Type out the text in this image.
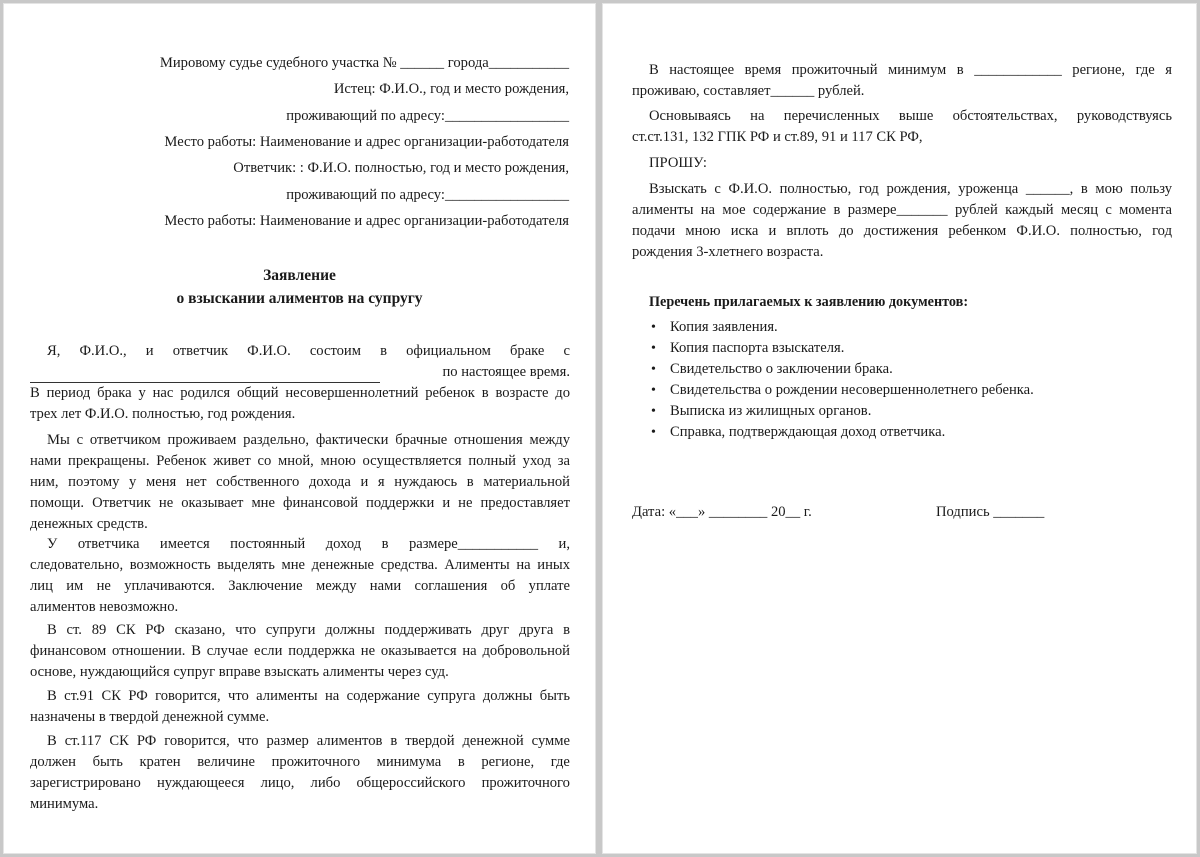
Мировому судье судебного участка № ______ города___________
Истец: Ф.И.О., год и место рождения,
проживающий по адресу:_________________
Место работы: Наименование и адрес организации-работодателя
Ответчик: : Ф.И.О. полностью, год и место рождения,
проживающий по адресу:_________________
Место работы: Наименование и адрес организации-работодателя
Заявление
о взыскании алиментов на супругу
Я, Ф.И.О., и ответчик Ф.И.О. состоим в официальном браке с
по настоящее время.
В период брака у нас родился общий несовершеннолетний ребенок в возрасте до
трех лет Ф.И.О. полностью, год рождения.
Мы с ответчиком проживаем раздельно, фактически брачные отношения между
нами прекращены. Ребенок живет со мной, мною осуществляется полный уход за
ним, поэтому у меня нет собственного дохода и я нуждаюсь в материальной
помощи. Ответчик не оказывает мне финансовой поддержки и не предоставляет
денежных средств.
У ответчика имеется постоянный доход в размере___________ и,
следовательно, возможность выделять мне денежные средства. Алименты на иных
лиц им не уплачиваются. Заключение между нами соглашения об уплате
алиментов невозможно.
В ст. 89 СК РФ сказано, что супруги должны поддерживать друг друга в
финансовом отношении. В случае если поддержка не оказывается на добровольной
основе, нуждающийся супруг вправе взыскать алименты через суд.
В ст.91 СК РФ говорится, что алименты на содержание супруга должны быть
назначены в твердой денежной сумме.
В ст.117 СК РФ говорится, что размер алиментов в твердой денежной сумме
должен быть кратен величине прожиточного минимума в регионе, где
зарегистрировано нуждающееся лицо, либо общероссийского прожиточного
минимума.
В настоящее время прожиточный минимум в ____________ регионе, где я
проживаю, составляет______ рублей.
Основываясь на перечисленных выше обстоятельствах, руководствуясь
ст.ст.131, 132 ГПК РФ и ст.89, 91 и 117 СК РФ,
ПРОШУ:
Взыскать с Ф.И.О. полностью, год рождения, уроженца ______, в мою пользу
алименты на мое содержание в размере_______ рублей каждый месяц с момента
подачи мною иска и вплоть до достижения ребенком Ф.И.О. полностью, год
рождения 3-хлетнего возраста.
Перечень прилагаемых к заявлению документов:
• Копия заявления.
• Копия паспорта взыскателя.
• Свидетельство о заключении брака.
• Свидетельства о рождении несовершеннолетнего ребенка.
• Выписка из жилищных органов.
• Справка, подтверждающая доход ответчика.
Дата: «___» ________ 20__ г.	Подпись _______
